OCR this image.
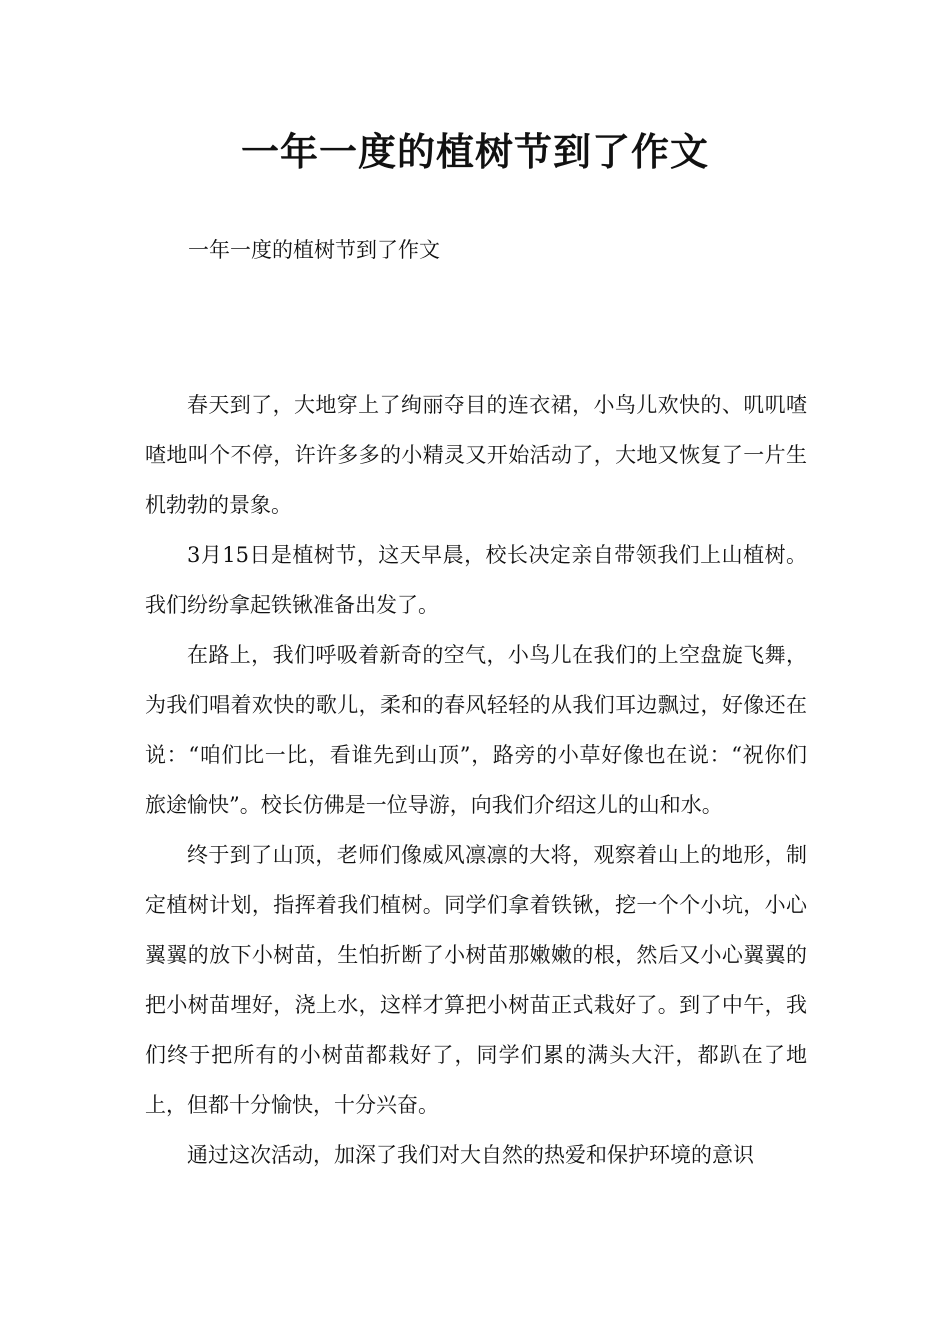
一年一度的植树节到了作文

一年一度的植树节到了作文

春天到了，大地穿上了绚丽夺目的连衣裙，小鸟儿欢快的、叽叽喳喳地叫个不停，许许多多的小精灵又开始活动了，大地又恢复了一片生机勃勃的景象。

3月15日是植树节，这天早晨，校长决定亲自带领我们上山植树。我们纷纷拿起铁锹准备出发了。

在路上，我们呼吸着新奇的空气，小鸟儿在我们的上空盘旋飞舞，为我们唱着欢快的歌儿，柔和的春风轻轻的从我们耳边飘过，好像还在说：“咱们比一比，看谁先到山顶”，路旁的小草好像也在说：“祝你们旅途愉快”。校长仿佛是一位导游，向我们介绍这儿的山和水。

终于到了山顶，老师们像威风凛凛的大将，观察着山上的地形，制定植树计划，指挥着我们植树。同学们拿着铁锹，挖一个个小坑，小心翼翼的放下小树苗，生怕折断了小树苗那嫩嫩的根，然后又小心翼翼的把小树苗埋好，浇上水，这样才算把小树苗正式栽好了。到了中午，我们终于把所有的小树苗都栽好了，同学们累的满头大汗，都趴在了地上，但都十分愉快，十分兴奋。

通过这次活动，加深了我们对大自然的热爱和保护环境的意识
